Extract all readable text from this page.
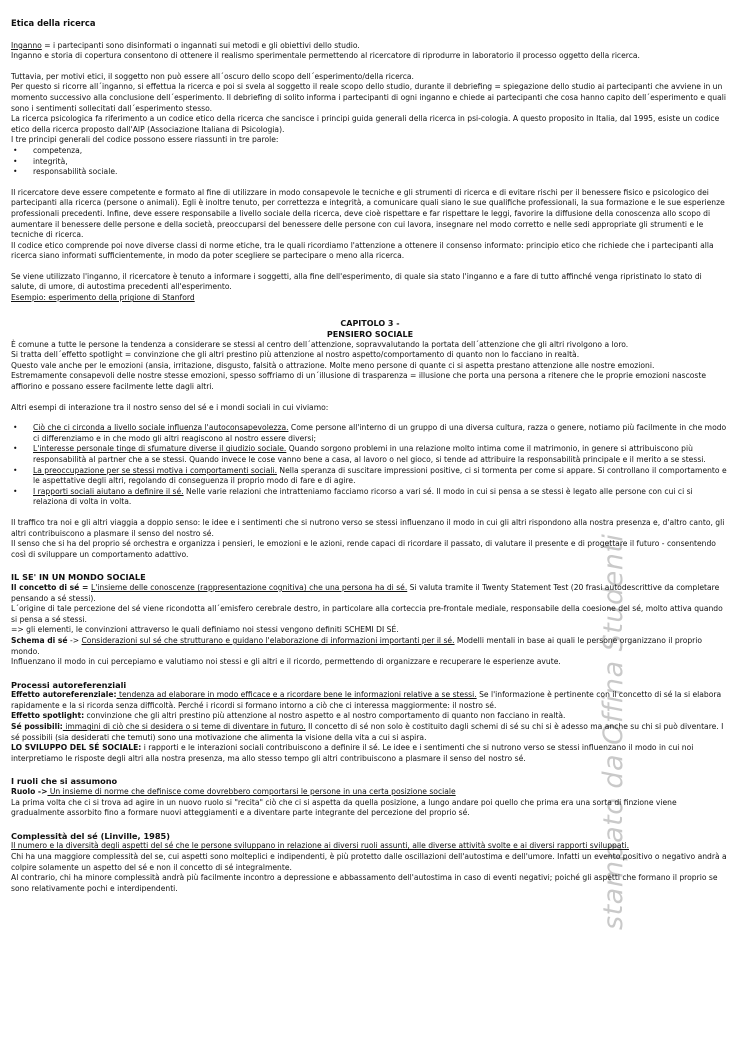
stampato da Offina Studenti
Etica della ricerca

Inganno = i partecipanti sono disinformati o ingannati sui metodi e gli obiettivi dello studio.

Inganno e storia di copertura consentono di ottenere il realismo sperimentale permettendo al ricercatore di riprodurre in laboratorio il processo oggetto della ricerca.

Tuttavia, per motivi etici, il soggetto non può essere all´oscuro dello scopo dell´esperimento/della ricerca.

Per questo si ricorre all´inganno, si effettua la ricerca e poi si svela al soggetto il reale scopo dello studio, durante il debriefing = spiegazione dello studio ai partecipanti che avviene in un momento successivo alla conclusione dell´esperimento. Il debriefing di solito informa i partecipanti di ogni inganno e chiede ai partecipanti che cosa hanno capito dell´esperimento e quali sono i sentimenti sollecitati dall´esperimento stesso.

La ricerca psicologica fa riferimento a un codice etico della ricerca che sancisce i principi guida generali della ricerca in psi-cologia. A questo proposito in Italia, dal 1995, esiste un codice etico della ricerca proposto dall'AIP (Associazione Italiana di Psicologia).

I tre principi generali del codice possono essere riassunti in tre parole:

• competenza,
• integrità,
• responsabilità sociale.

Il ricercatore deve essere competente e formato al fine di utilizzare in modo consapevole le tecniche e gli strumenti di ricerca e di evitare rischi per il benessere fisico e psicologico dei partecipanti alla ricerca (persone o animali). Egli è inoltre tenuto, per correttezza e integrità, a comunicare quali siano le sue qualifiche professionali, la sua formazione e le sue esperienze professionali precedenti. Infine, deve essere responsabile a livello sociale della ricerca, deve cioè rispettare e far rispettare le leggi, favorire la diffusione della conoscenza allo scopo di aumentare il benessere delle persone e della società, preoccuparsi del benessere delle persone con cui lavora, insegnare nel modo corretto e nelle sedi appropriate gli strumenti e le tecniche di ricerca.

Il codice etico comprende poi nove diverse classi di norme etiche, tra le quali ricordiamo l'attenzione a ottenere il consenso informato: principio etico che richiede che i partecipanti alla ricerca siano informati sufficientemente, in modo da poter scegliere se partecipare o meno alla ricerca.

Se viene utilizzato l'inganno, il ricercatore è tenuto a informare i soggetti, alla fine dell'esperimento, di quale sia stato l'inganno e a fare di tutto affinché venga ripristinato lo stato di salute, di umore, di autostima precedenti all'esperimento.

Esempio: esperimento della prigione di Stanford

CAPITOLO 3 -
PENSIERO SOCIALE

È comune a tutte le persone la tendenza a considerare se stessi al centro dell´attenzione, sopravvalutando la portata dell´attenzione che gli altri rivolgono a loro.

Si tratta dell´effetto spotlight = convinzione che gli altri prestino più attenzione al nostro aspetto/comportamento di quanto non lo facciano in realtà.

Questo vale anche per le emozioni (ansia, irritazione, disgusto, falsità o attrazione. Molte meno persone di quante ci si aspetta prestano attenzione alle nostre emozioni.

Estremamente consapevoli delle nostre stesse emozioni, spesso soffriamo di un´illusione di trasparenza = illusione che porta una persona a ritenere che le proprie emozioni nascoste affiorino e possano essere facilmente lette dagli altri.

Altri esempi di interazione tra il nostro senso del sé e i mondi sociali in cui viviamo:

• Ciò che ci circonda a livello sociale influenza l'autoconsapevolezza. Come persone all'interno di un gruppo di una diversa cultura, razza o genere, notiamo più facilmente in che modo ci differenziamo e in che modo gli altri reagiscono al nostro essere diversi;
• L'interesse personale tinge di sfumature diverse il giudizio sociale. Quando sorgono problemi in una relazione molto intima come il matrimonio, in genere si attribuiscono più responsabilità al partner che a se stessi. Quando invece le cose vanno bene a casa, al lavoro o nel gioco, si tende ad attribuire la responsabilità principale e il merito a se stessi.
• La preoccupazione per se stessi motiva i comportamenti sociali. Nella speranza di suscitare impressioni positive, ci si tormenta per come si appare. Si controllano il comportamento e le aspettative degli altri, regolando di conseguenza il proprio modo di fare e di agire.
• I rapporti sociali aiutano a definire il sé. Nelle varie relazioni che intratteniamo facciamo ricorso a vari sé. Il modo in cui si pensa a se stessi è legato alle persone con cui ci si relaziona di volta in volta.

Il traffico tra noi e gli altri viaggia a doppio senso: le idee e i sentimenti che si nutrono verso se stessi influenzano il modo in cui gli altri rispondono alla nostra presenza e, d'altro canto, gli altri contribuiscono a plasmare il senso del nostro sé.

Il senso che si ha del proprio sé orchestra e organizza i pensieri, le emozioni e le azioni, rende capaci di ricordare il passato, di valutare il presente e di progettare il futuro - consentendo così di sviluppare un comportamento adattivo.

IL SE' IN UN MONDO SOCIALE

Il concetto di sé = L'insieme delle conoscenze (rappresentazione cognitiva) che una persona ha di sé. Si valuta tramite il Twenty Statement Test (20 frasi autodescrittive da completare pensando a sé stessi).

L´origine di tale percezione del sé viene ricondotta all´emisfero cerebrale destro, in particolare alla corteccia pre-frontale mediale, responsabile della coesione del sé, molto attiva quando si pensa a sé stessi.

=> gli elementi, le convinzioni attraverso le quali definiamo noi stessi vengono definiti SCHEMI DI SÉ.

Schema di sé -> Considerazioni sul sé che strutturano e guidano l'elaborazione di informazioni importanti per il sé. Modelli mentali in base ai quali le persone organizzano il proprio mondo.

Influenzano il modo in cui percepiamo e valutiamo noi stessi e gli altri e il ricordo, permettendo di organizzare e recuperare le esperienze avute.

Processi autoreferenziali

Effetto autoreferenziale: tendenza ad elaborare in modo efficace e a ricordare bene le informazioni relative a se stessi. Se l'informazione è pertinente con il concetto di sé la si elabora rapidamente e la si ricorda senza difficoltà. Perché i ricordi si formano intorno a ciò che ci interessa maggiormente: il nostro sé.

Effetto spotlight: convinzione che gli altri prestino più attenzione al nostro aspetto e al nostro comportamento di quanto non facciano in realtà.

Sé possibili: immagini di ciò che si desidera o si teme di diventare in futuro. Il concetto di sé non solo è costituito dagli schemi di sé su chi si è adesso ma anche su chi si può diventare. I sé possibili (sia desiderati che temuti) sono una motivazione che alimenta la visione della vita a cui si aspira.

LO SVILUPPO DEL SÉ SOCIALE: i rapporti e le interazioni sociali contribuiscono a definire il sé. Le idee e i sentimenti che si nutrono verso se stessi influenzano il modo in cui noi interpretiamo le risposte degli altri alla nostra presenza, ma allo stesso tempo gli altri contribuiscono a plasmare il senso del nostro sé.

I ruoli che si assumono

Ruolo -> Un insieme di norme che definisce come dovrebbero comportarsi le persone in una certa posizione sociale

La prima volta che ci si trova ad agire in un nuovo ruolo si "recita" ciò che ci si aspetta da quella posizione, a lungo andare poi quello che prima era una sorta di finzione viene gradualmente assorbito fino a formare nuovi atteggiamenti e a diventare parte integrante del percezione del proprio sé.

Complessità del sé (Linville, 1985)

Il numero e la diversità degli aspetti del sé che le persone sviluppano in relazione ai diversi ruoli assunti, alle diverse attività svolte e ai diversi rapporti sviluppati.

Chi ha una maggiore complessità del se, cui aspetti sono molteplici e indipendenti, è più protetto dalle oscillazioni dell'autostima e dell'umore. Infatti un evento positivo o negativo andrà a colpire solamente un aspetto del sé e non il concetto di sé integralmente.

Al contrario, chi ha minore complessità andrà più facilmente incontro a depressione e abbassamento dell'autostima in caso di eventi negativi; poiché gli aspetti che formano il proprio se sono relativamente pochi e interdipendenti.
